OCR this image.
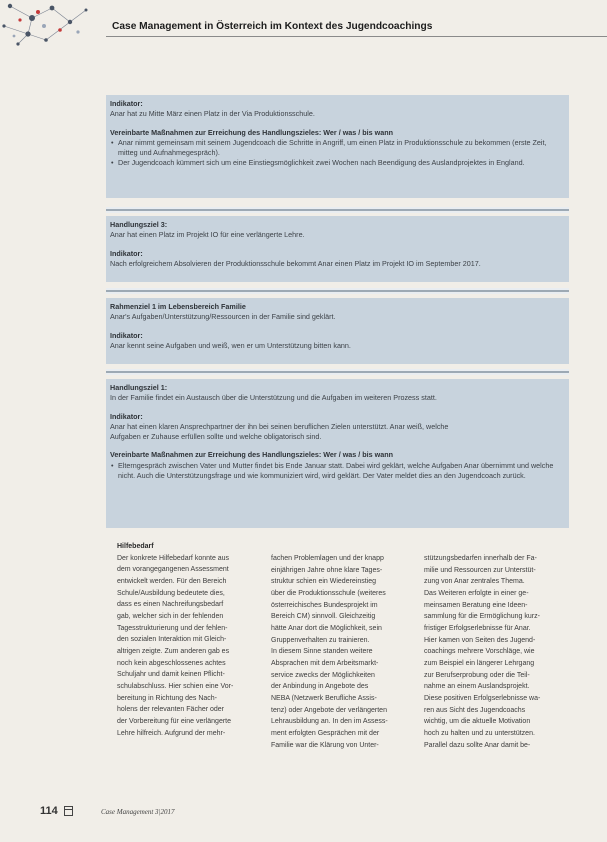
Case Management in Österreich im Kontext des Jugendcoachings
Indikator:
Anar hat zu Mitte März einen Platz in der Via Produktionsschule.
Vereinbarte Maßnahmen zur Erreichung des Handlungszieles: Wer / was / bis wann
• Anar nimmt gemeinsam mit seinem Jugendcoach die Schritte in Angriff, um einen Platz in Produktionsschule zu bekommen (erste Zeit, mitteg und Aufnahmegespräch).
• Der Jugendcoach kümmert sich um eine Einstiegsmöglichkeit zwei Wochen nach Beendigung des Auslandprojektes in England.
Handlungsziel 3:
Anar hat einen Platz im Projekt IO für eine verlängerte Lehre.
Indikator:
Nach erfolgreichem Absolvieren der Produktionsschule bekommt Anar einen Platz im Projekt IO im September 2017.
Rahmenziel 1 im Lebensbereich Familie
Anar's Aufgaben/Unterstützung/Ressourcen in der Familie sind geklärt.
Indikator:
Anar kennt seine Aufgaben und weiß, wen er um Unterstützung bitten kann.
Handlungsziel 1:
In der Familie findet ein Austausch über die Unterstützung und die Aufgaben im weiteren Prozess statt.
Indikator:
Anar hat einen klaren Ansprechpartner der ihn bei seinen beruflichen Zielen unterstützt. Anar weiß, welche
Aufgaben er Zuhause erfüllen sollte und welche obligatorisch sind.
Vereinbarte Maßnahmen zur Erreichung des Handlungszieles: Wer / was / bis wann
• Elterngespräch zwischen Vater und Mutter findet bis Ende Januar statt. Dabei wird geklärt, welche Aufgaben Anar übernimmt und welche nicht. Auch die Unterstützungsfrage und wie kommuniziert wird, wird geklärt. Der Vater meldet dies an den Jugendcoach zurück.
Hilfebedarf
Der konkrete Hilfebedarf konnte aus
dem vorangegangenen Assessment
entwickelt werden. Für den Bereich
Schule/Ausbildung bedeutete dies,
dass es einen Nachreifungsbedarf
gab, welcher sich in der fehlenden
Tagesstrukturierung und der fehlen-
den sozialen Interaktion mit Gleich-
altrigen zeigte. Zum anderen gab es
noch kein abgeschlossenes achtes
Schuljahr und damit keinen Pflicht-
schulabschluss. Hier schien eine Vor-
bereitung in Richtung des Nach-
holens der relevanten Fächer oder
der Vorbereitung für eine verlängerte
Lehre hilfreich. Aufgrund der mehr-
fachen Problemlagen und der knapp
einjährigen Jahre ohne klare Tages-
struktur schien ein Wiedereinstieg
über die Produktionsschule (weiteres
österreichisches Bundesprojekt im
Bereich CM) sinnvoll. Gleichzeitig
hätte Anar dort die Möglichkeit, sein
Gruppenverhalten zu trainieren.
In diesem Sinne standen weitere
Absprachen mit dem Arbeitsmarkt-
service zwecks der Möglichkeiten
der Anbindung in Angebote des
NEBA (Netzwerk Berufliche Assis-
tenz) oder Angebote der verlängerten
Lehrausbildung an. In den im Assess-
ment erfolgten Gesprächen mit der
Familie war die Klärung von Unter-
stützungsbedarfen innerhalb der Fa-
milie und Ressourcen zur Unterstüt-
zung von Anar zentrales Thema.
Das Weiteren erfolgte in einer ge-
meinsamen Beratung eine Ideen-
sammlung für die Ermöglichung kurz-
fristiger Erfolgserlebnisse für Anar.
Hier kamen von Seiten des Jugend-
coachings mehrere Vorschläge, wie
zum Beispiel ein längerer Lehrgang
zur Berufserprobung oder die Teil-
nahme an einem Auslandsprojekt.
Diese positiven Erfolgserlebnisse wa-
ren aus Sicht des Jugendcoachs
wichtig, um die aktuelle Motivation
hoch zu halten und zu unterstützen.
Parallel dazu sollte Anar damit be-
114	Case Management 3|2017
